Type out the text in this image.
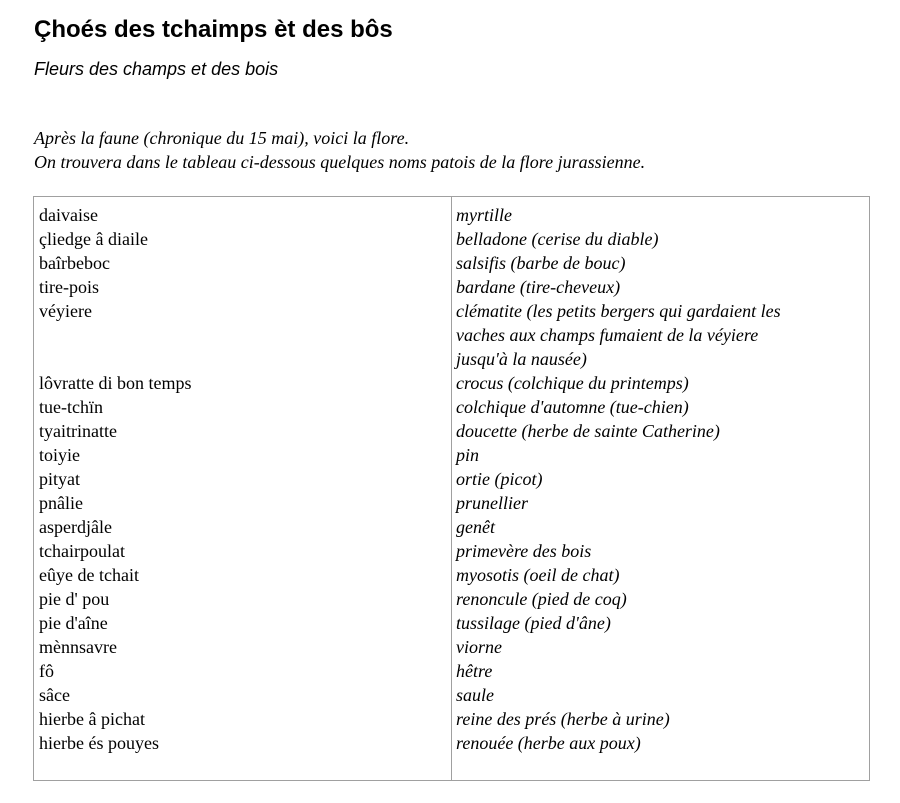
Çhoés des tchaimps èt des bôs

Fleurs des champs et des bois

Après la faune (chronique du 15 mai), voici la flore.
On trouvera dans le tableau ci-dessous quelques noms patois de la flore jurassienne.

daivaise
çliedge â diaile
baîrbeboc
tire-pois
véyiere
lôvratte di bon temps
tue-tchïn
tyaitrinatte
toiyie
pityat
pnâlie
asperdjâle
tchairpoulat
eûye de tchait
pie d' pou
pie d'aîne
mènnsavre
fô
sâce
hierbe â pichat
hierbe és pouyes
myrtille
belladone (cerise du diable)
salsifis (barbe de bouc)
bardane (tire-cheveux)
clématite (les petits bergers qui gardaient les
vaches aux champs fumaient de la véyiere
jusqu'à la nausée)
crocus (colchique du printemps)
colchique d'automne (tue-chien)
doucette (herbe de sainte Catherine)
pin
ortie (picot)
prunellier
genêt
primevère des bois
myosotis (oeil de chat)
renoncule (pied de coq)
tussilage (pied d'âne)
viorne
hêtre
saule
reine des prés (herbe à urine)
renouée (herbe aux poux)
